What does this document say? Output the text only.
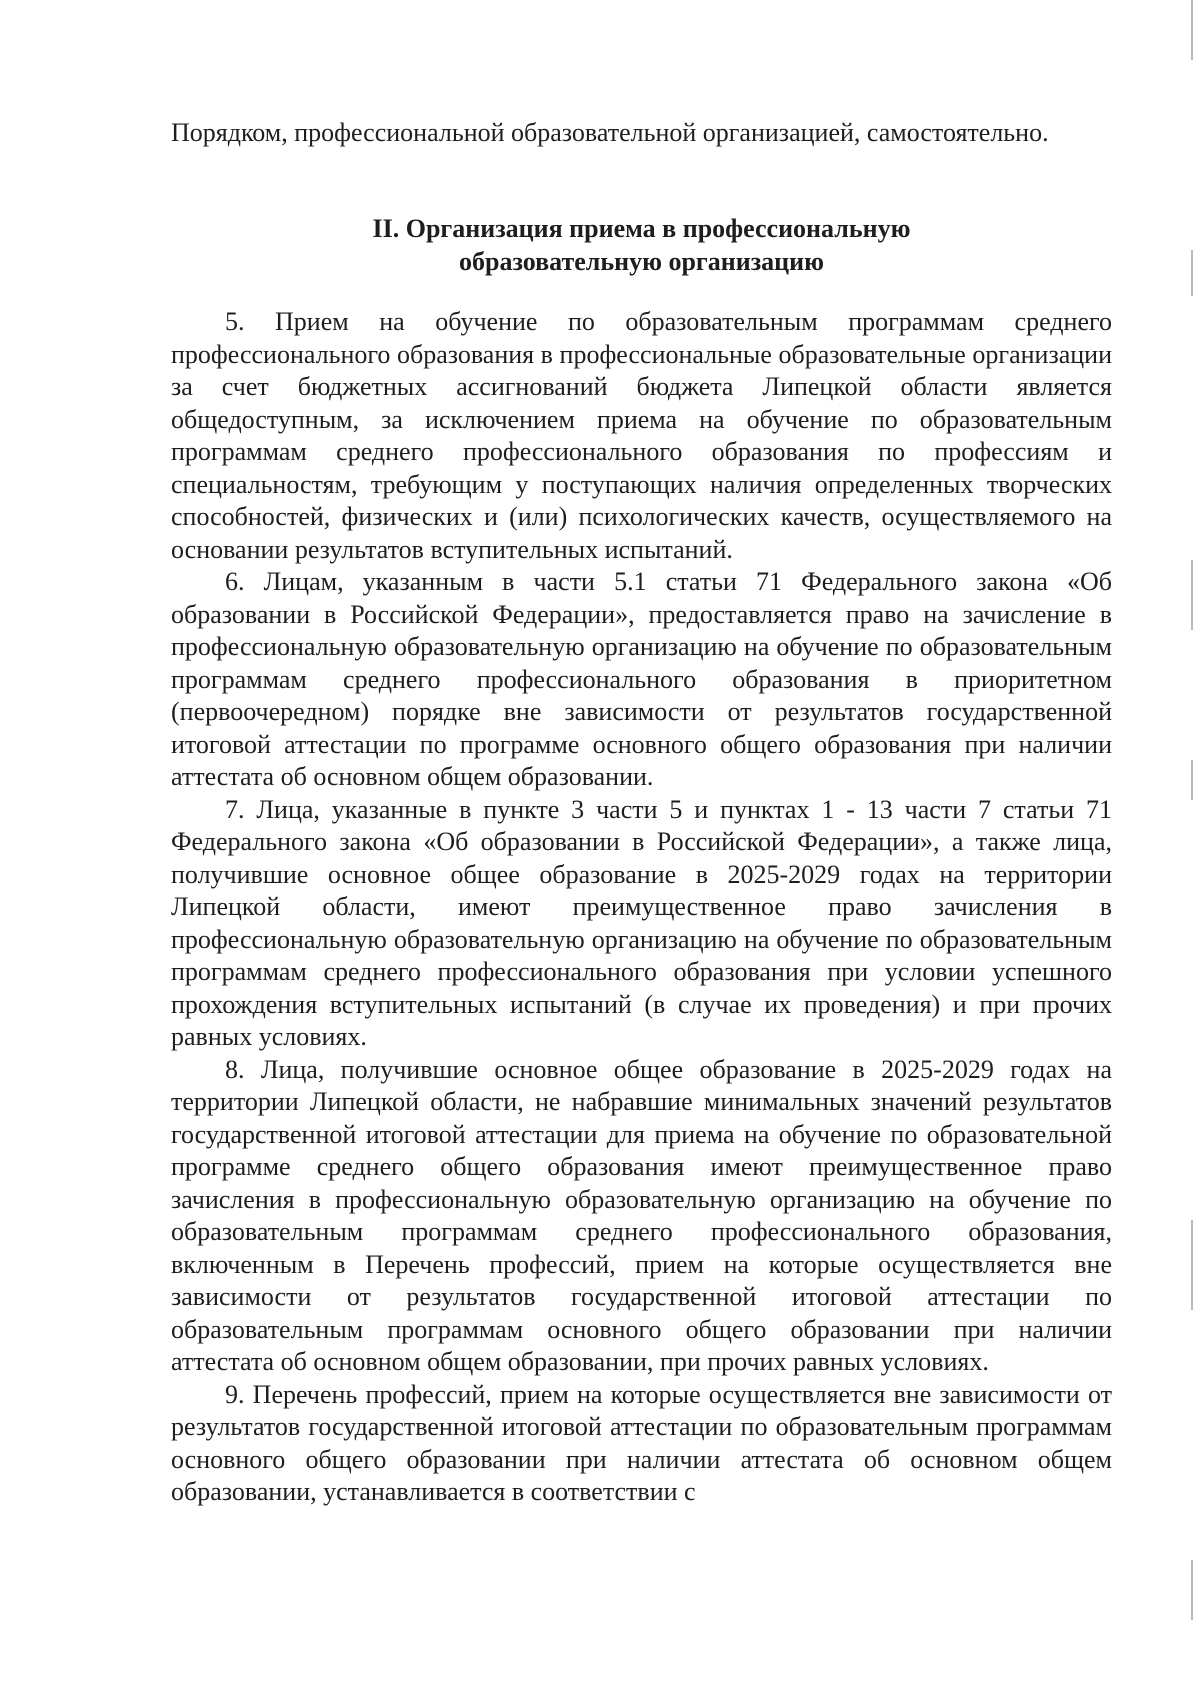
Порядком, профессиональной образовательной организацией, самостоятельно.

II. Организация приема в профессиональную
образовательную организацию

5. Прием на обучение по образовательным программам среднего профессионального образования в профессиональные образовательные организации за счет бюджетных ассигнований бюджета Липецкой области является общедоступным, за исключением приема на обучение по образовательным программам среднего профессионального образования по профессиям и специальностям, требующим у поступающих наличия определенных творческих способностей, физических и (или) психологических качеств, осуществляемого на основании результатов вступительных испытаний.

6. Лицам, указанным в части 5.1 статьи 71 Федерального закона «Об образовании в Российской Федерации», предоставляется право на зачисление в профессиональную образовательную организацию на обучение по образовательным программам среднего профессионального образования в приоритетном (первоочередном) порядке вне зависимости от результатов государственной итоговой аттестации по программе основного общего образования при наличии аттестата об основном общем образовании.

7. Лица, указанные в пункте 3 части 5 и пунктах 1 - 13 части 7 статьи 71 Федерального закона «Об образовании в Российской Федерации», а также лица, получившие основное общее образование в 2025-2029 годах на территории Липецкой области, имеют преимущественное право зачисления в профессиональную образовательную организацию на обучение по образовательным программам среднего профессионального образования при условии успешного прохождения вступительных испытаний (в случае их проведения) и при прочих равных условиях.

8. Лица, получившие основное общее образование в 2025-2029 годах на территории Липецкой области, не набравшие минимальных значений результатов государственной итоговой аттестации для приема на обучение по образовательной программе среднего общего образования имеют преимущественное право зачисления в профессиональную образовательную организацию на обучение по образовательным программам среднего профессионального образования, включенным в Перечень профессий, прием на которые осуществляется вне зависимости от результатов государственной итоговой аттестации по образовательным программам основного общего образовании при наличии аттестата об основном общем образовании, при прочих равных условиях.

9. Перечень профессий, прием на которые осуществляется вне зависимости от результатов государственной итоговой аттестации по образовательным программам основного общего образовании при наличии аттестата об основном общем образовании, устанавливается в соответствии с
